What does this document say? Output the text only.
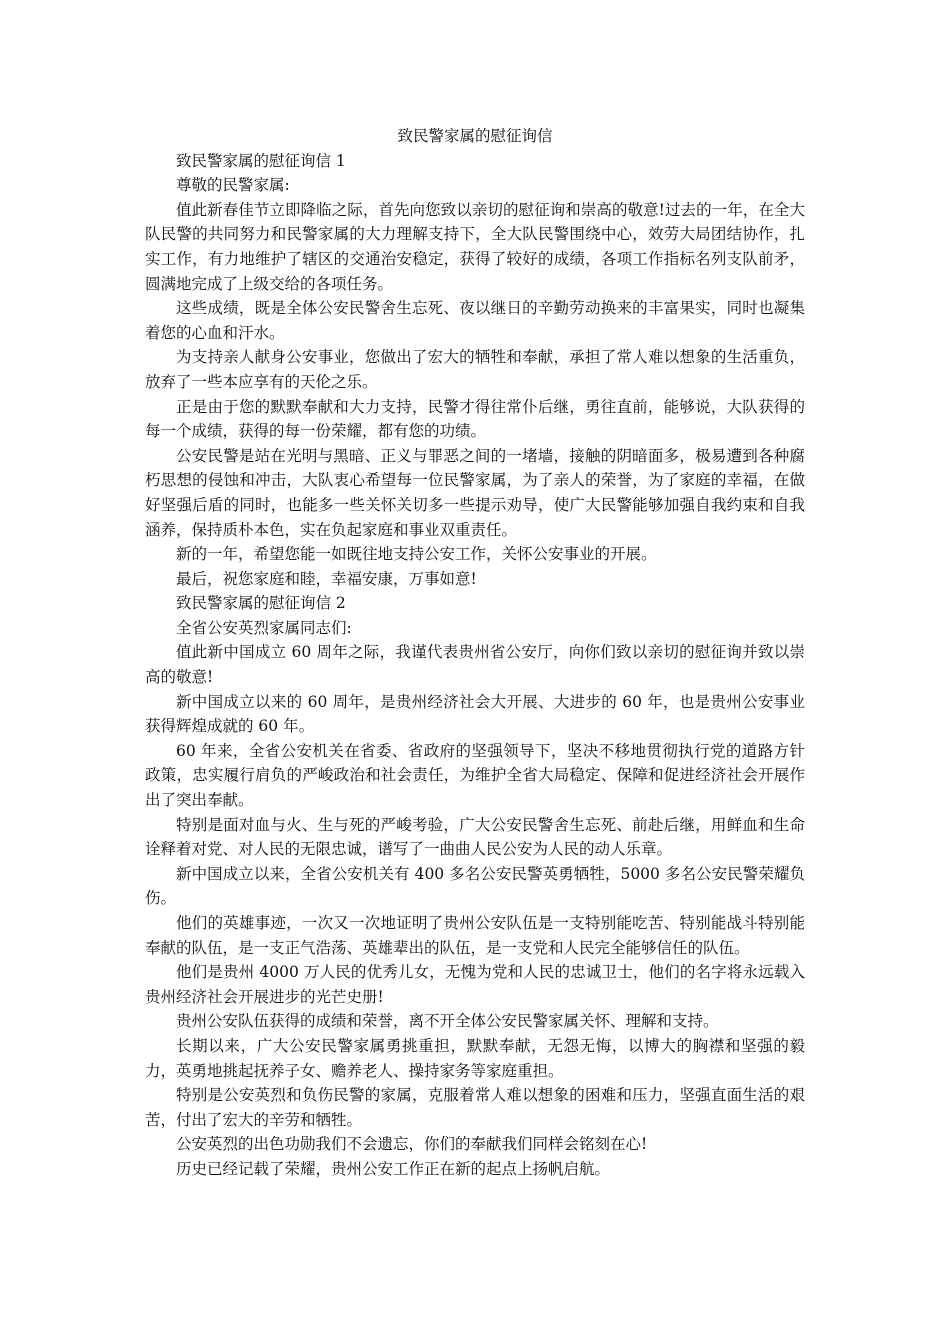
致民警家属的慰征询信

致民警家属的慰征询信 1

尊敬的民警家属:

值此新春佳节立即降临之际，首先向您致以亲切的慰征询和崇高的敬意!过去的一年，在全大队民警的共同努力和民警家属的大力理解支持下，全大队民警围绕中心，效劳大局团结协作，扎实工作，有力地维护了辖区的交通治安稳定，获得了较好的成绩，各项工作指标名列支队前矛，圆满地完成了上级交给的各项任务。

这些成绩，既是全体公安民警舍生忘死、夜以继日的辛勤劳动换来的丰富果实，同时也凝集着您的心血和汗水。

为支持亲人献身公安事业，您做出了宏大的牺牲和奉献，承担了常人难以想象的生活重负，放弃了一些本应享有的天伦之乐。

正是由于您的默默奉献和大力支持，民警才得往常仆后继，勇往直前，能够说，大队获得的每一个成绩，获得的每一份荣耀，都有您的功绩。

公安民警是站在光明与黑暗、正义与罪恶之间的一堵墙，接触的阴暗面多，极易遭到各种腐朽思想的侵蚀和冲击，大队衷心希望每一位民警家属，为了亲人的荣誉，为了家庭的幸福，在做好坚强后盾的同时，也能多一些关怀关切多一些提示劝导，使广大民警能够加强自我约束和自我涵养，保持质朴本色，实在负起家庭和事业双重责任。

新的一年，希望您能一如既往地支持公安工作，关怀公安事业的开展。

最后，祝您家庭和睦，幸福安康，万事如意!

致民警家属的慰征询信 2

全省公安英烈家属同志们:

值此新中国成立 60 周年之际，我谨代表贵州省公安厅，向你们致以亲切的慰征询并致以崇高的敬意!

新中国成立以来的 60 周年，是贵州经济社会大开展、大进步的 60 年，也是贵州公安事业获得辉煌成就的 60 年。

60 年来，全省公安机关在省委、省政府的坚强领导下，坚决不移地贯彻执行党的道路方针政策，忠实履行肩负的严峻政治和社会责任，为维护全省大局稳定、保障和促进经济社会开展作出了突出奉献。

特别是面对血与火、生与死的严峻考验，广大公安民警舍生忘死、前赴后继，用鲜血和生命诠释着对党、对人民的无限忠诚，谱写了一曲曲人民公安为人民的动人乐章。

新中国成立以来，全省公安机关有 400 多名公安民警英勇牺牲，5000 多名公安民警荣耀负伤。

他们的英雄事迹，一次又一次地证明了贵州公安队伍是一支特别能吃苦、特别能战斗特别能奉献的队伍，是一支正气浩荡、英雄辈出的队伍，是一支党和人民完全能够信任的队伍。

他们是贵州 4000 万人民的优秀儿女，无愧为党和人民的忠诚卫士，他们的名字将永远载入贵州经济社会开展进步的光芒史册!

贵州公安队伍获得的成绩和荣誉，离不开全体公安民警家属关怀、理解和支持。

长期以来，广大公安民警家属勇挑重担，默默奉献，无怨无悔，以博大的胸襟和坚强的毅力，英勇地挑起抚养子女、赡养老人、操持家务等家庭重担。

特别是公安英烈和负伤民警的家属，克服着常人难以想象的困难和压力，坚强直面生活的艰苦，付出了宏大的辛劳和牺牲。

公安英烈的出色功勋我们不会遗忘，你们的奉献我们同样会铭刻在心!

历史已经记载了荣耀，贵州公安工作正在新的起点上扬帆启航。
